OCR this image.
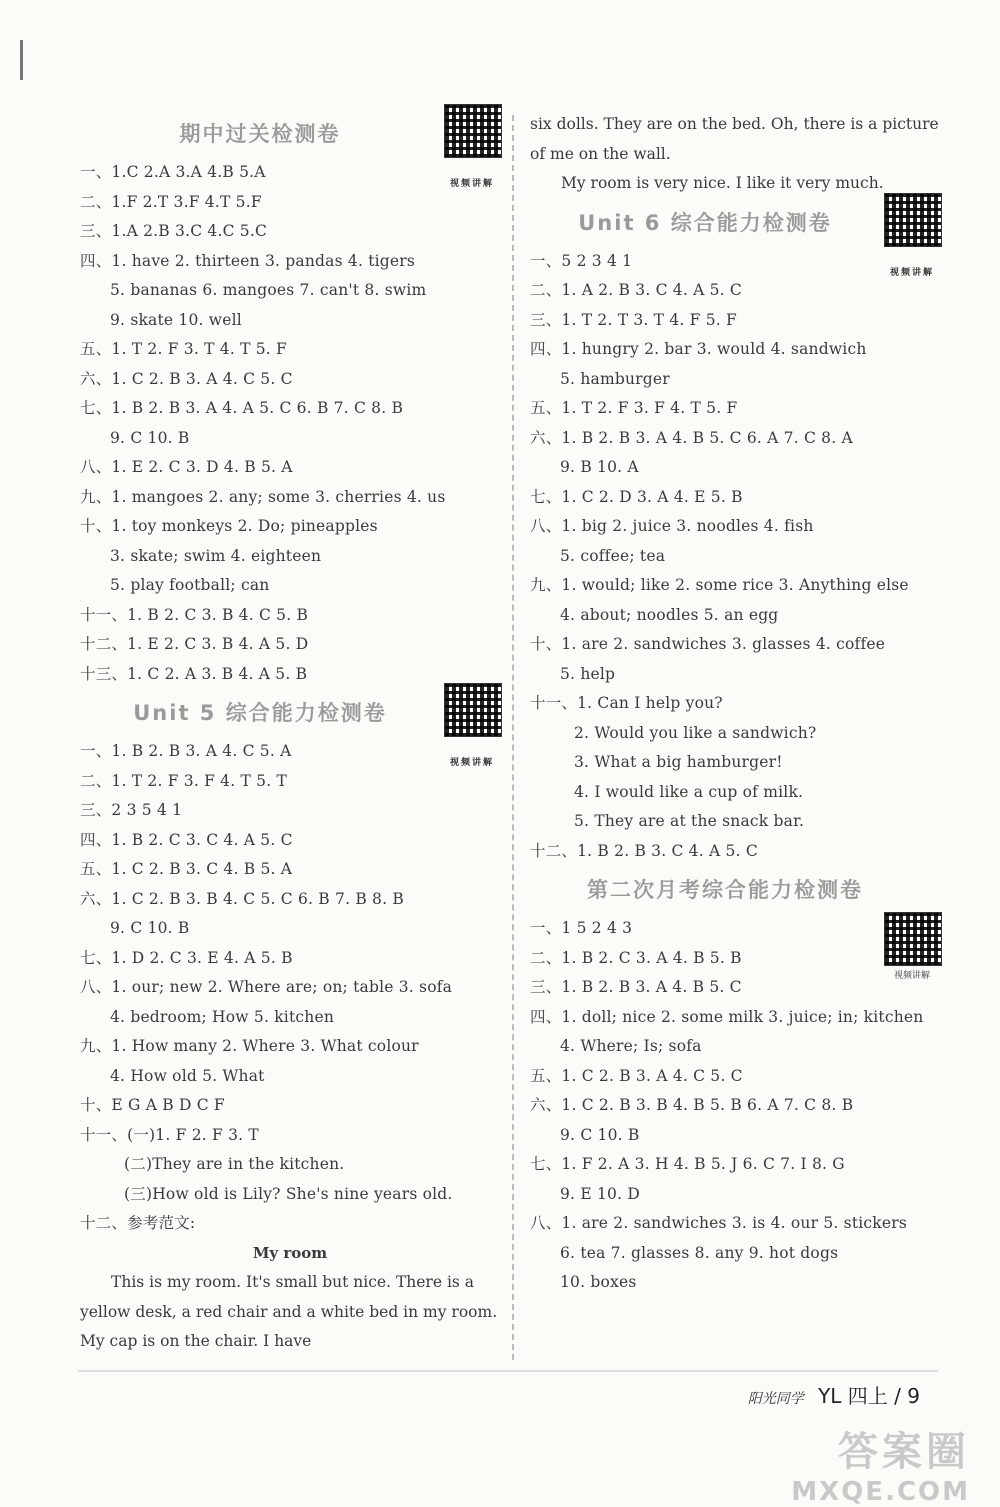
期中过关检测卷
视频讲解
一、1.C 2.A 3.A 4.B 5.A
二、1.F 2.T 3.F 4.T 5.F
三、1.A 2.B 3.C 4.C 5.C
四、1. have 2. thirteen 3. pandas 4. tigers
5. bananas 6. mangoes 7. can't 8. swim
9. skate 10. well
五、1. T 2. F 3. T 4. T 5. F
六、1. C 2. B 3. A 4. C 5. C
七、1. B 2. B 3. A 4. A 5. C 6. B 7. C 8. B
9. C 10. B
八、1. E 2. C 3. D 4. B 5. A
九、1. mangoes 2. any; some 3. cherries 4. us
十、1. toy monkeys 2. Do; pineapples
3. skate; swim 4. eighteen
5. play football; can
十一、1. B 2. C 3. B 4. C 5. B
十二、1. E 2. C 3. B 4. A 5. D
十三、1. C 2. A 3. B 4. A 5. B
Unit 5 综合能力检测卷
视频讲解
一、1. B 2. B 3. A 4. C 5. A
二、1. T 2. F 3. F 4. T 5. T
三、2 3 5 4 1
四、1. B 2. C 3. C 4. A 5. C
五、1. C 2. B 3. C 4. B 5. A
六、1. C 2. B 3. B 4. C 5. C 6. B 7. B 8. B
9. C 10. B
七、1. D 2. C 3. E 4. A 5. B
八、1. our; new 2. Where are; on; table 3. sofa
4. bedroom; How 5. kitchen
九、1. How many 2. Where 3. What colour
4. How old 5. What
十、E G A B D C F
十一、(一)1. F 2. F 3. T
(二)They are in the kitchen.
(三)How old is Lily? She's nine years old.
十二、参考范文:
My room
This is my room. It's small but nice. There is a yellow desk, a red chair and a white bed in my room. My cap is on the chair. I have
six dolls. They are on the bed. Oh, there is a picture of me on the wall.
My room is very nice. I like it very much.
Unit 6 综合能力检测卷
视频讲解
一、5 2 3 4 1
二、1. A 2. B 3. C 4. A 5. C
三、1. T 2. T 3. T 4. F 5. F
四、1. hungry 2. bar 3. would 4. sandwich
5. hamburger
五、1. T 2. F 3. F 4. T 5. F
六、1. B 2. B 3. A 4. B 5. C 6. A 7. C 8. A
9. B 10. A
七、1. C 2. D 3. A 4. E 5. B
八、1. big 2. juice 3. noodles 4. fish
5. coffee; tea
九、1. would; like 2. some rice 3. Anything else
4. about; noodles 5. an egg
十、1. are 2. sandwiches 3. glasses 4. coffee
5. help
十一、1. Can I help you?
2. Would you like a sandwich?
3. What a big hamburger!
4. I would like a cup of milk.
5. They are at the snack bar.
十二、1. B 2. B 3. C 4. A 5. C
第二次月考综合能力检测卷
视频讲解
一、1 5 2 4 3
二、1. B 2. C 3. A 4. B 5. B
三、1. B 2. B 3. A 4. B 5. C
四、1. doll; nice 2. some milk 3. juice; in; kitchen
4. Where; Is; sofa
五、1. C 2. B 3. A 4. C 5. C
六、1. C 2. B 3. B 4. B 5. B 6. A 7. C 8. B
9. C 10. B
七、1. F 2. A 3. H 4. B 5. J 6. C 7. I 8. G
9. E 10. D
八、1. are 2. sandwiches 3. is 4. our 5. stickers
6. tea 7. glasses 8. any 9. hot dogs
10. boxes
阳光同学 YL 四上 / 9
答案圈
MXQE.COM
